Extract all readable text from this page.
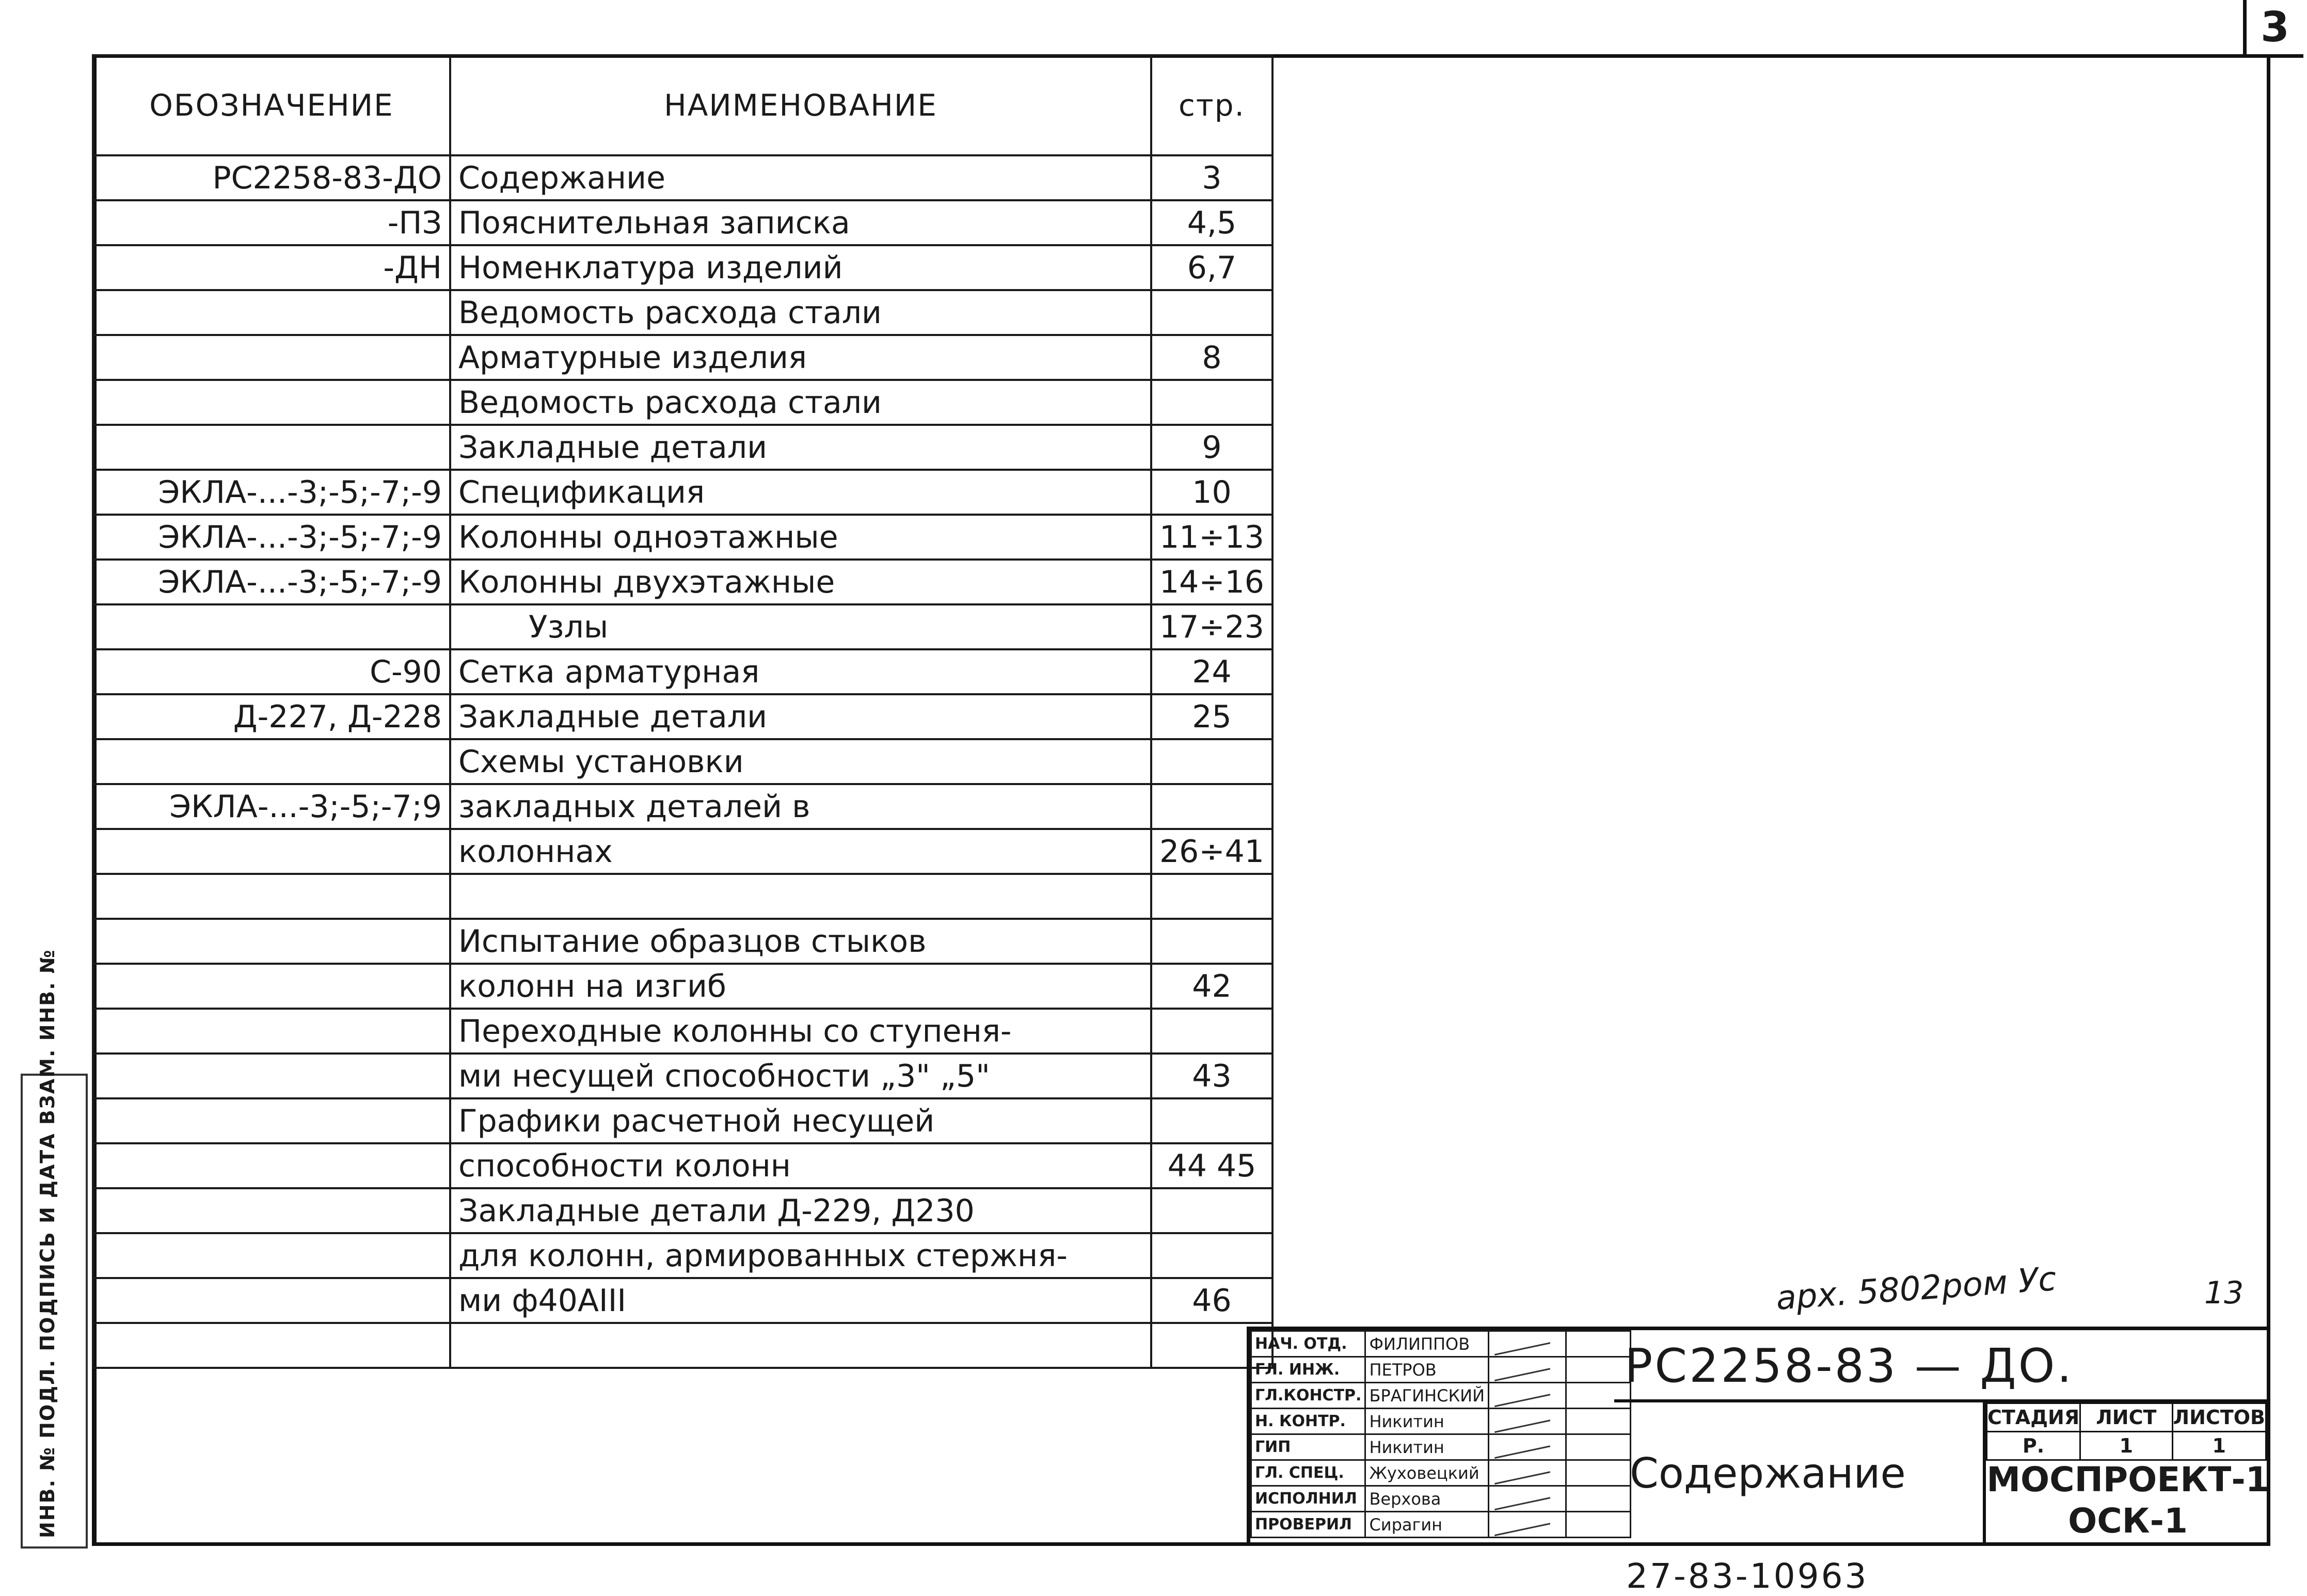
3
ИНВ. № ПОДЛ. ПОДПИСЬ И ДАТА ВЗАМ. ИНВ. №
ОБОЗНАЧЕНИЕ	НАИМЕНОВАНИЕ	стр.
РС2258-83-ДО	Содержание	3
-ПЗ	Пояснительная записка	4,5
-ДН	Номенклатура изделий	6,7
	Ведомость расхода стали	
	Арматурные изделия	8
	Ведомость расхода стали	
	Закладные детали	9
ЭКЛА-...-3;-5;-7;-9	Спецификация	10
ЭКЛА-...-3;-5;-7;-9	Колонны одноэтажные	11÷13
ЭКЛА-...-3;-5;-7;-9	Колонны двухэтажные	14÷16
	Узлы	17÷23
С-90	Сетка арматурная	24
Д-227, Д-228	Закладные детали	25
	Схемы установки	
ЭКЛА-...-3;-5;-7;9	закладных деталей в	
	колоннах	26÷41

	Испытание образцов стыков	
	колонн на изгиб	42
	Переходные колонны со ступеня-	
	ми несущей способности „3" „5"	43
	Графики расчетной несущей	
	способности колонн	44 45
	Закладные детали Д-229, Д230	
	для колонн, армированных стержня-	
	ми ф40АIII	46
			арх. 5802ром Ус	13
НАЧ. ОТД.	ФИЛИППОВ	

ГЛ. ИНЖ.	ПЕТРОВ	

ГЛ.КОНСТР.	БРАГИНСКИЙ	

Н. КОНТР.	Никитин	

ГИП	Никитин	

ГЛ. СПЕЦ.	Жуховецкий	

ИСПОЛНИЛ	Верхова	

ПРОВЕРИЛ	Сирагин	

РС2258-83 — ДО.
Содержание
СТАДИЯ	ЛИСТ	ЛИСТОВ
Р.	1	1
МОСПРОЕКТ-1
ОСК-1
27-83-10963
